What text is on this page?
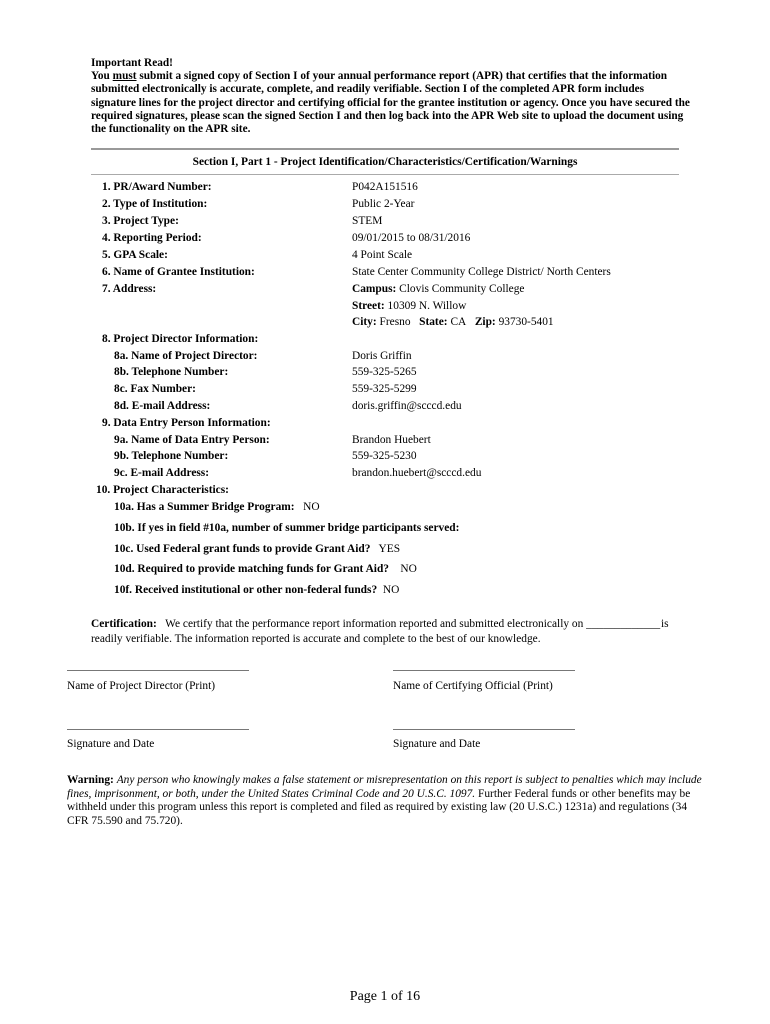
Important Read!
You must submit a signed copy of Section I of your annual performance report (APR) that certifies that the information submitted electronically is accurate, complete, and readily verifiable. Section I of the completed APR form includes signature lines for the project director and certifying official for the grantee institution or agency. Once you have secured the required signatures, please scan the signed Section I and then log back into the APR Web site to upload the document using the functionality on the APR site.
Section I, Part 1 - Project Identification/Characteristics/Certification/Warnings
1. PR/Award Number:	P042A151516
2. Type of Institution:	Public 2-Year
3. Project Type:	STEM
4. Reporting Period:	09/01/2015 to 08/31/2016
5. GPA Scale:	4 Point Scale
6. Name of Grantee Institution:	State Center Community College District/ North Centers
7. Address:	Campus: Clovis Community College
Street: 10309 N. Willow
City: Fresno State: CA Zip: 93730-5401
8. Project Director Information:
8a. Name of Project Director:	Doris Griffin
8b. Telephone Number:	559-325-5265
8c. Fax Number:	559-325-5299
8d. E-mail Address:	doris.griffin@scccd.edu
9. Data Entry Person Information:
9a. Name of Data Entry Person:	Brandon Huebert
9b. Telephone Number:	559-325-5230
9c. E-mail Address:	brandon.huebert@scccd.edu
10. Project Characteristics:
10a. Has a Summer Bridge Program: NO
10b. If yes in field #10a, number of summer bridge participants served:
10c. Used Federal grant funds to provide Grant Aid? YES
10d. Required to provide matching funds for Grant Aid? NO
10f. Received institutional or other non-federal funds? NO
Certification: We certify that the performance report information reported and submitted electronically on _____________ is
readily verifiable. The information reported is accurate and complete to the best of our knowledge.
Name of Project Director (Print)	Name of Certifying Official (Print)
Signature and Date	Signature and Date
Warning: Any person who knowingly makes a false statement or misrepresentation on this report is subject to penalties which may include fines, imprisonment, or both, under the United States Criminal Code and 20 U.S.C. 1097. Further Federal funds or other benefits may be withheld under this program unless this report is completed and filed as required by existing law (20 U.S.C.) 1231a) and regulations (34 CFR 75.590 and 75.720).
Page 1 of 16
